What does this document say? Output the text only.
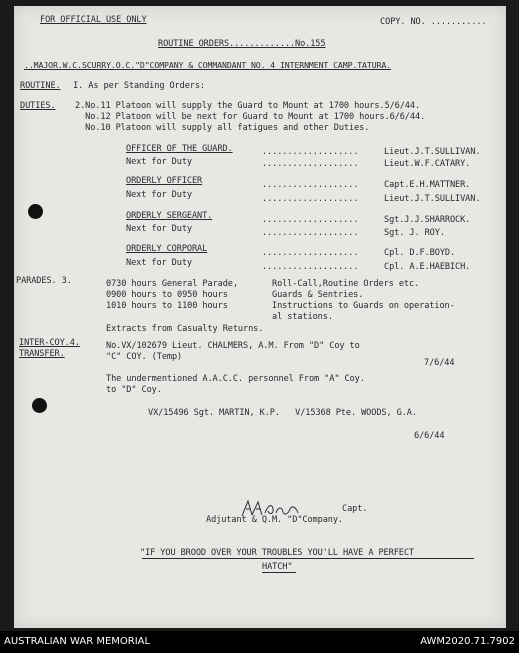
FOR OFFICIAL USE ONLY	COPY. NO. ...........
ROUTINE ORDERS.............No.155
..MAJOR.W.C.SCURRY.O.C."D"COMPANY & COMMANDANT NO. 4 INTERNMENT CAMP.TATURA.
ROUTINE. I. As per Standing Orders:
DUTIES. 2.No.11 Platoon will supply the Guard to Mount at 1700 hours.5/6/44.
No.12 Platoon will be next for Guard to Mount at 1700 hours.6/6/44.
No.10 Platoon will supply all fatigues and other Duties.
OFFICER OF THE GUARD.	...................	Lieut.J.T.SULLIVAN.
Next for Duty	...................	Lieut.W.F.CATARY.
ORDERLY OFFICER	...................	Capt.E.H.MATTNER.
Next for Duty	...................	Lieut.J.T.SULLIVAN.
ORDERLY SERGEANT.	...................	Sgt.J.J.SHARROCK.
Next for Duty	...................	Sgt. J. ROY.
ORDERLY CORPORAL	...................	Cpl. D.F.BOYD.
Next for Duty	...................	Cpl. A.E.HAEBICH.
PARADES. 3.	0730 hours General Parade,	Roll-Call,Routine Orders etc.
0900 hours to 0950 hours	Guards & Sentries.
1010 hours to 1100 hours	Instructions to Guards on operation-
al stations.
Extracts from Casualty Returns.
INTER-COY.4.
TRANSFER.
No.VX/102679 Lieut. CHALMERS, A.M. From "D" Coy to
"C" COY. (Temp)
7/6/44
The undermentioned A.A.C.C. personnel From "A" Coy.
to "D" Coy.
VX/15496 Sgt. MARTIN, K.P.   V/15368 Pte. WOODS, G.A.
6/6/44
Capt.
Adjutant & Q.M. "D"Company.
"IF YOU BROOD OVER YOUR TROUBLES YOU'LL HAVE A PERFECT
HATCH"
AUSTRALIAN WAR MEMORIAL	AWM2020.71.7902
